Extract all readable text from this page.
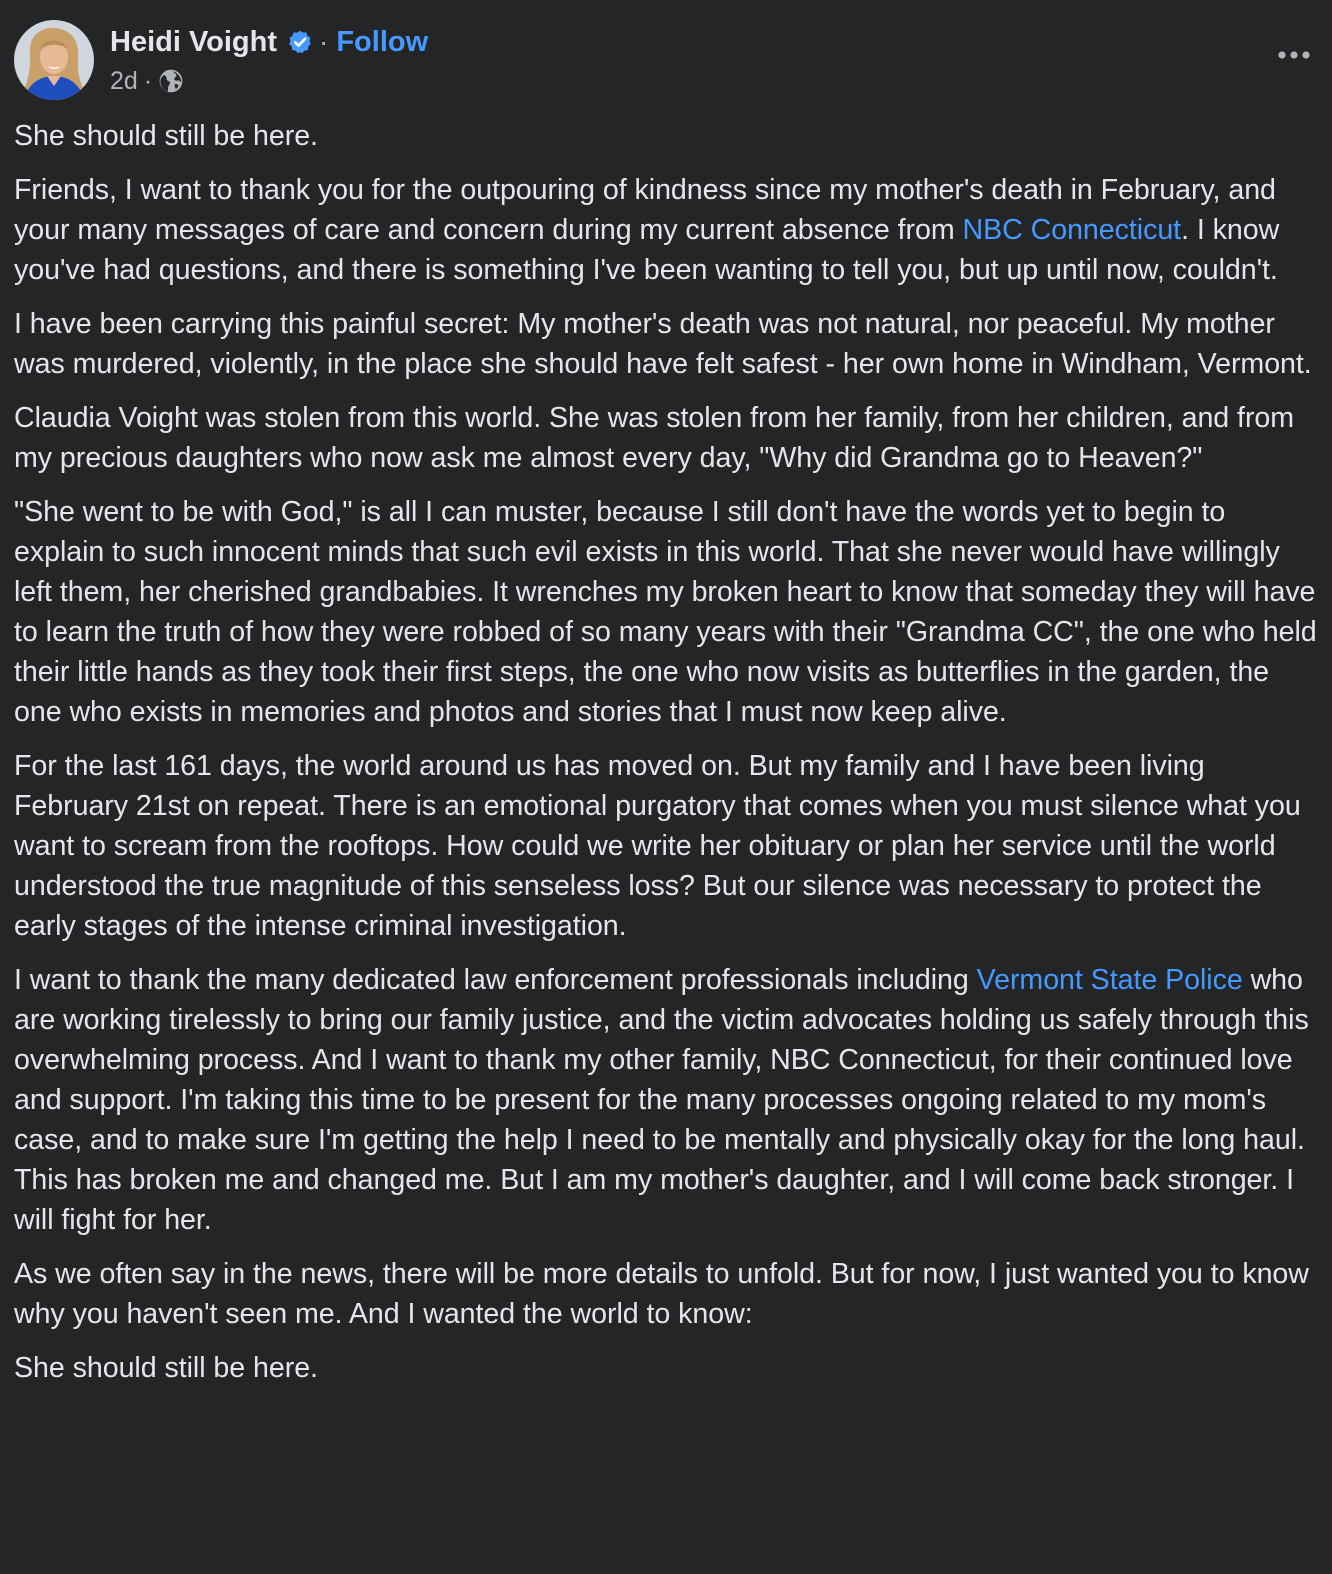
Heidi Voight · Follow
2d ·

She should still be here.

Friends, I want to thank you for the outpouring of kindness since my mother's death in February, and your many messages of care and concern during my current absence from NBC Connecticut. I know you've had questions, and there is something I've been wanting to tell you, but up until now, couldn't.

I have been carrying this painful secret: My mother's death was not natural, nor peaceful. My mother was murdered, violently, in the place she should have felt safest - her own home in Windham, Vermont.

Claudia Voight was stolen from this world. She was stolen from her family, from her children, and from my precious daughters who now ask me almost every day, "Why did Grandma go to Heaven?"

"She went to be with God," is all I can muster, because I still don't have the words yet to begin to explain to such innocent minds that such evil exists in this world. That she never would have willingly left them, her cherished grandbabies. It wrenches my broken heart to know that someday they will have to learn the truth of how they were robbed of so many years with their "Grandma CC", the one who held their little hands as they took their first steps, the one who now visits as butterflies in the garden, the one who exists in memories and photos and stories that I must now keep alive.

For the last 161 days, the world around us has moved on. But my family and I have been living February 21st on repeat. There is an emotional purgatory that comes when you must silence what you want to scream from the rooftops. How could we write her obituary or plan her service until the world understood the true magnitude of this senseless loss? But our silence was necessary to protect the early stages of the intense criminal investigation.

I want to thank the many dedicated law enforcement professionals including Vermont State Police who are working tirelessly to bring our family justice, and the victim advocates holding us safely through this overwhelming process. And I want to thank my other family, NBC Connecticut, for their continued love and support. I'm taking this time to be present for the many processes ongoing related to my mom's case, and to make sure I'm getting the help I need to be mentally and physically okay for the long haul. This has broken me and changed me. But I am my mother's daughter, and I will come back stronger. I will fight for her.

As we often say in the news, there will be more details to unfold. But for now, I just wanted you to know why you haven't seen me. And I wanted the world to know:

She should still be here.
